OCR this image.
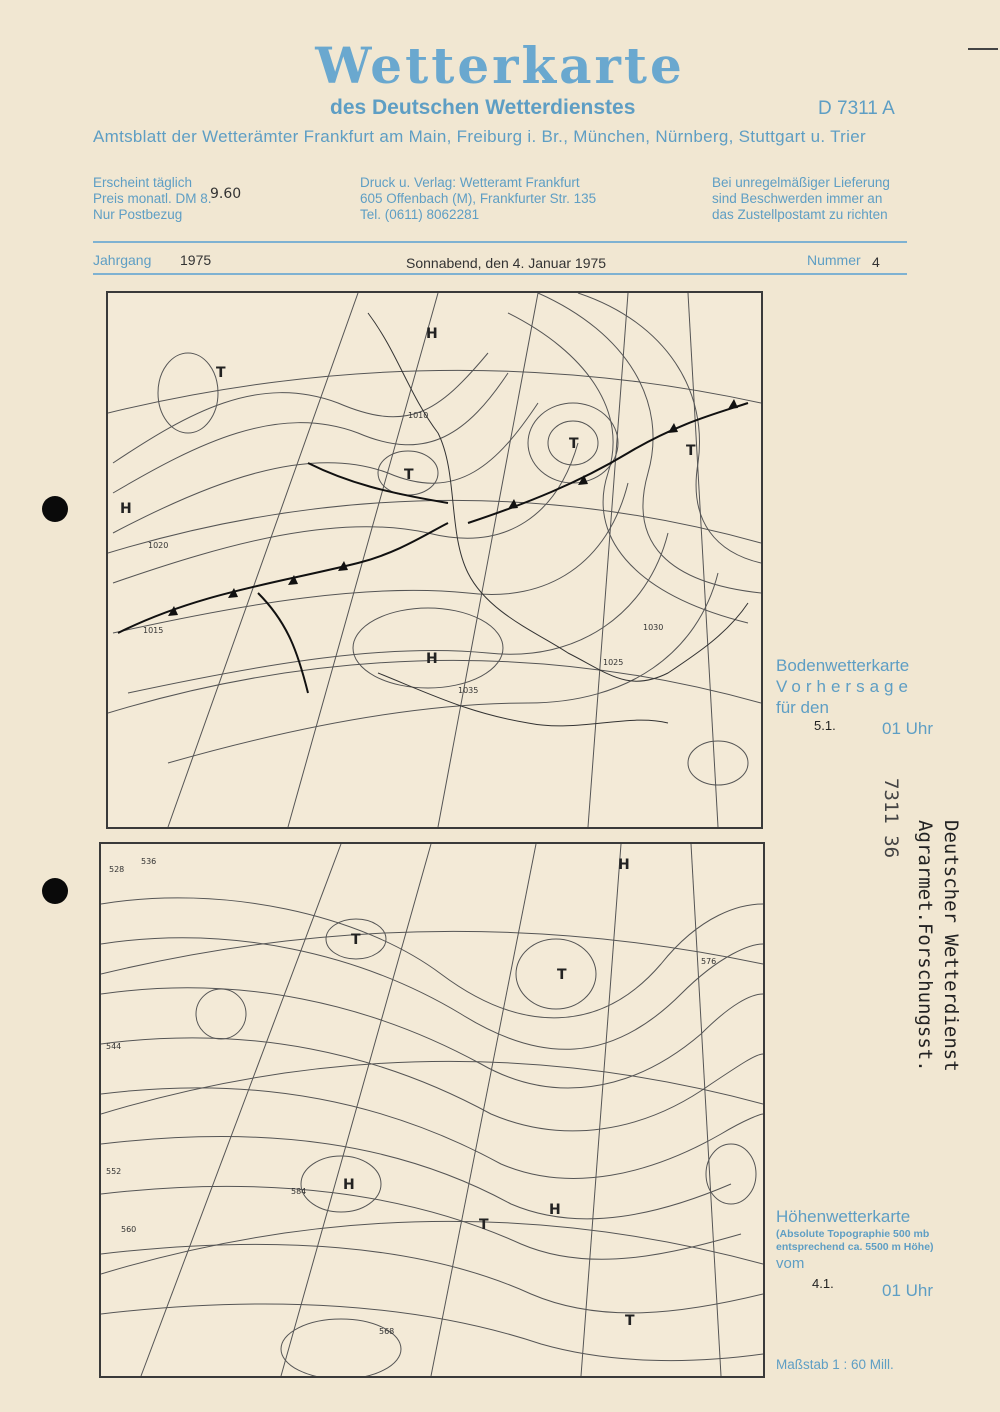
Wetterkarte
des Deutschen Wetterdienstes	D 7311 A
Amtsblatt der Wetterämter Frankfurt am Main, Freiburg i. Br., München, Nürnberg, Stuttgart u. Trier
Erscheint täglich
Preis monatl. DM 8.
Nur Postbezug
9.60
Druck u. Verlag: Wetteramt Frankfurt
605 Offenbach (M), Frankfurter Str. 135
Tel. (0611) 8062281
Bei unregelmäßiger Lieferung
sind Beschwerden immer an
das Zustellpostamt zu richten
Jahrgang 1975	Sonnabend, den 4. Januar 1975	Nummer 4
T
T
T	T
H
H
H
1030
1025
1020
1015
1010
1035
Bodenwetterkarte
Vorhersage
für den
5.1.	01 Uhr
T
T
T
T
H
H
H
528
536
544
552
560
568
576
584
Höhenwetterkarte
(Absolute Topographie 500 mb
entsprechend ca. 5500 m Höhe)
vom
4.1.	01 Uhr
Maßstab 1 : 60 Mill.
7311 36
Deutscher Wetterdienst
Agrarmet.Forschungsst.
